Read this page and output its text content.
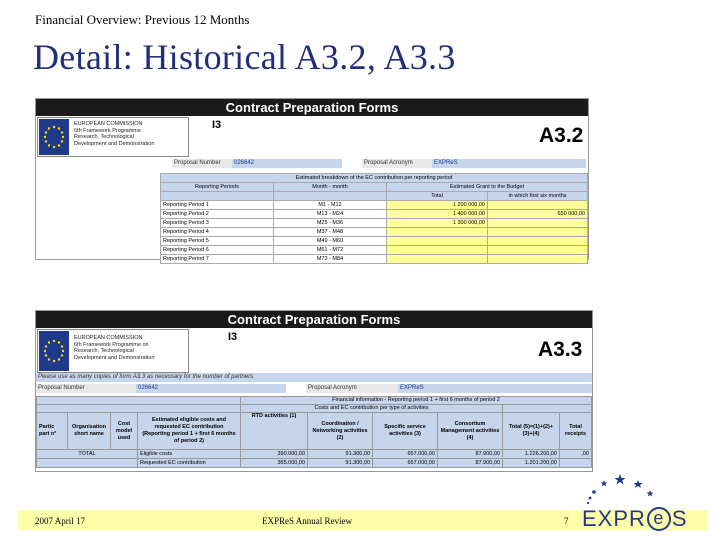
Financial Overview: Previous 12 Months
Detail: Historical A3.2, A3.3
Contract Preparation Forms
EUROPEAN COMMISSION
6th Framework Programme
Research, Technological
Development and Demonstration
I3	A3.2
Proposal Number	026642	Proposal Acronym	EXPReS
Estimated breakdown of the EC contribution per reporting period			
Reporting Periods	Month - month	Estimated Grant to the Budget	
		Total	in which first six months
Reporting Period 1	M1 - M12	1 200 000,00	
Reporting Period 2	M13 - M24	1 400 000,00	650 000,00
Reporting Period 3	M25 - M36	1 300 000,00	
Reporting Period 4	M37 - M48		
Reporting Period 5	M49 - M60		
Reporting Period 6	M61 - M72		
Reporting Period 7	M73 - M84		
Contract Preparation Forms
EUROPEAN COMMISSION
6th Framework Programme on
Research, Technological
Development and Demonstration
I3
A3.3
Please use as many copies of form A3.3 as necessary for the number of partners
Proposal Number	026642	Proposal Acronym	EXPReS
				Financial information - Reporting period 1 + first 6 months of period 2					
				Costs and EC contribution per type of activities					
Partic part n°	Organisation short name	Cost model used	Estimated eligible costs and requested EC contribution (Reporting period 1 + first 6 months of period 2)	RTD activities (1)	Coordination / Networking activities (2)	Specific service activities (3)	Consortium Management activities (4)	Total (5)=(1)+(2)+(3)+(4)	Total receipts
TOTAL			Eligible costs	390.000,00	91.300,00	657.000,00	87.900,00	1.226.200,00	,00
			Requested EC contribution	365.000,00	91.300,00	657.000,00	87.900,00	1.201.200,00	
2007 April 17	EXPReS Annual Review	7 EXPR e S
